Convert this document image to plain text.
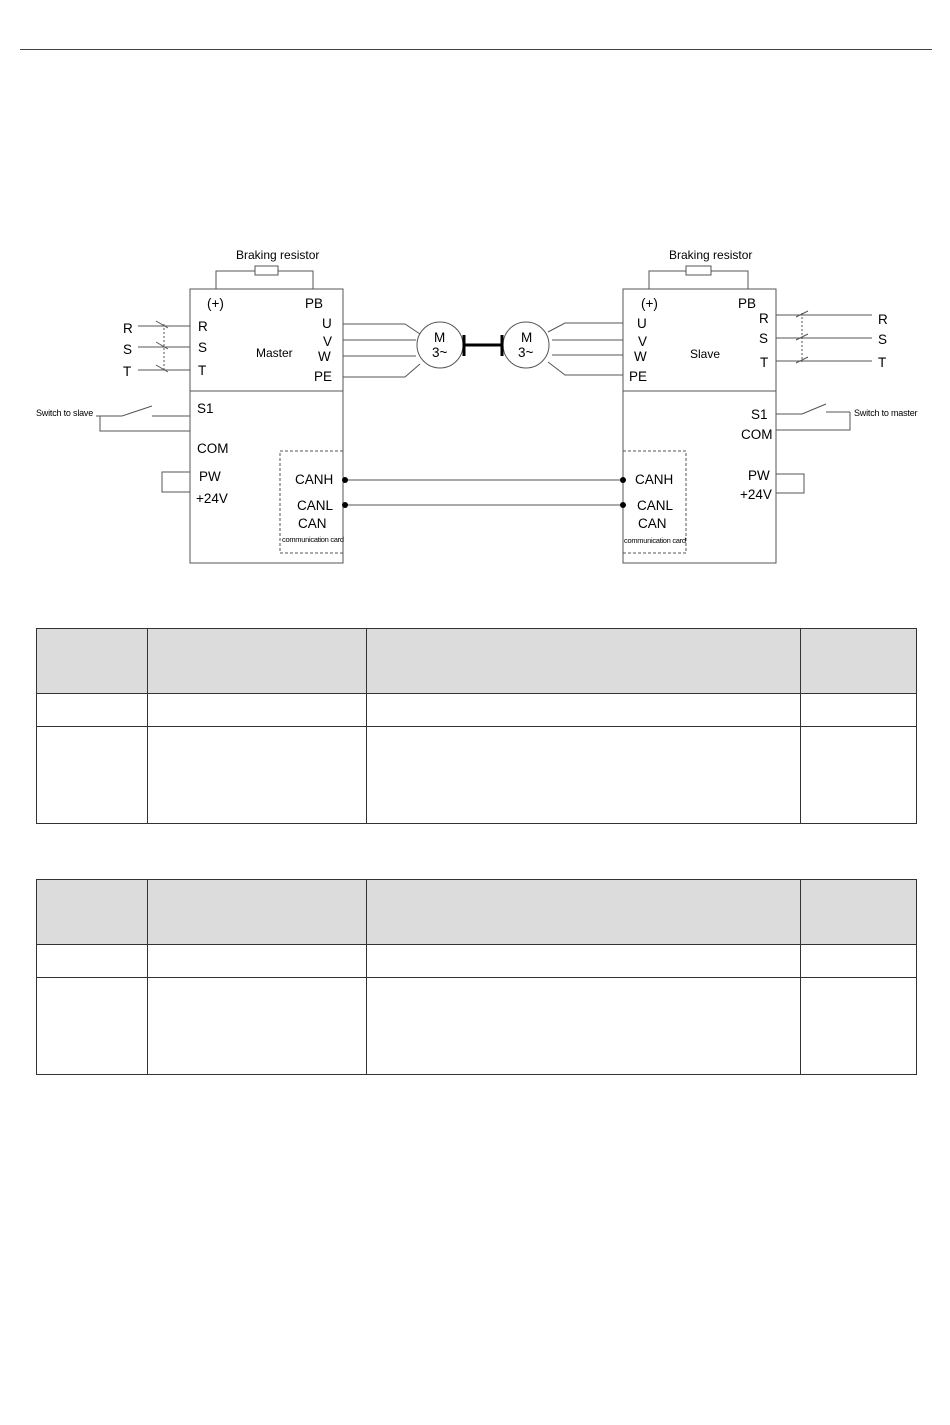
Braking resistor
(+)	PB
R
S
T
U
V
W
PE
Master
S1
COM
PW
+24V
CANH
CANL
CAN
communication card
Switch to slave
R
S
T
M
3~
M
3~
Braking resistor
(+)	PB
R
S
T
U
V
W
PE
Slave
S1
COM
PW
+24V
CANH
CANL
CAN
communication card
Switch to master
R
S
T
